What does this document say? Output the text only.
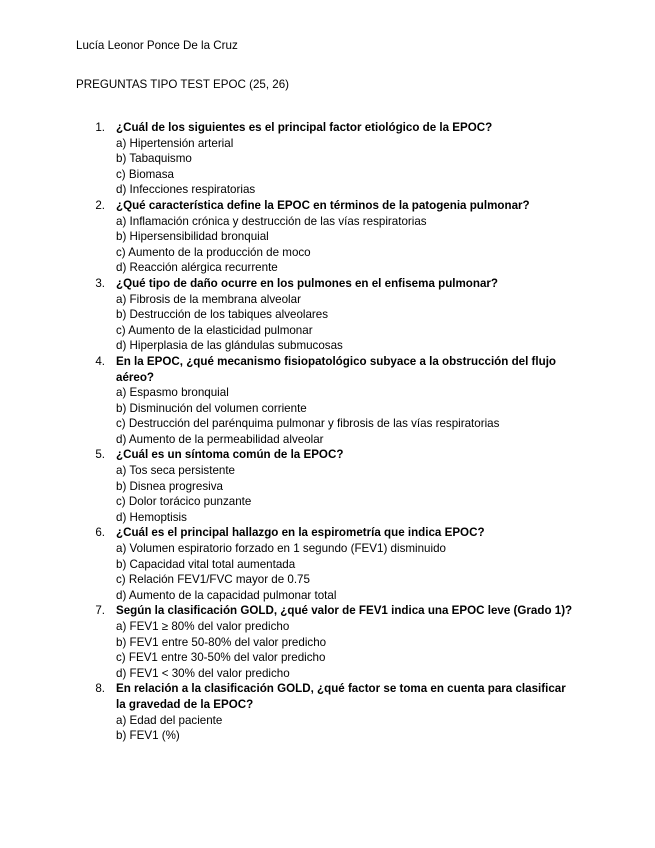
Lucía Leonor Ponce De la Cruz
PREGUNTAS TIPO TEST EPOC (25, 26)
1. ¿Cuál de los siguientes es el principal factor etiológico de la EPOC?
a) Hipertensión arterial
b) Tabaquismo
c) Biomasa
d) Infecciones respiratorias
2. ¿Qué característica define la EPOC en términos de la patogenia pulmonar?
a) Inflamación crónica y destrucción de las vías respiratorias
b) Hipersensibilidad bronquial
c) Aumento de la producción de moco
d) Reacción alérgica recurrente
3. ¿Qué tipo de daño ocurre en los pulmones en el enfisema pulmonar?
a) Fibrosis de la membrana alveolar
b) Destrucción de los tabiques alveolares
c) Aumento de la elasticidad pulmonar
d) Hiperplasia de las glándulas submucosas
4. En la EPOC, ¿qué mecanismo fisiopatológico subyace a la obstrucción del flujo aéreo?
a) Espasmo bronquial
b) Disminución del volumen corriente
c) Destrucción del parénquima pulmonar y fibrosis de las vías respiratorias
d) Aumento de la permeabilidad alveolar
5. ¿Cuál es un síntoma común de la EPOC?
a) Tos seca persistente
b) Disnea progresiva
c) Dolor torácico punzante
d) Hemoptisis
6. ¿Cuál es el principal hallazgo en la espirometría que indica EPOC?
a) Volumen espiratorio forzado en 1 segundo (FEV1) disminuido
b) Capacidad vital total aumentada
c) Relación FEV1/FVC mayor de 0.75
d) Aumento de la capacidad pulmonar total
7. Según la clasificación GOLD, ¿qué valor de FEV1 indica una EPOC leve (Grado 1)?
a) FEV1 ≥ 80% del valor predicho
b) FEV1 entre 50-80% del valor predicho
c) FEV1 entre 30-50% del valor predicho
d) FEV1 < 30% del valor predicho
8. En relación a la clasificación GOLD, ¿qué factor se toma en cuenta para clasificar la gravedad de la EPOC?
a) Edad del paciente
b) FEV1 (%)
